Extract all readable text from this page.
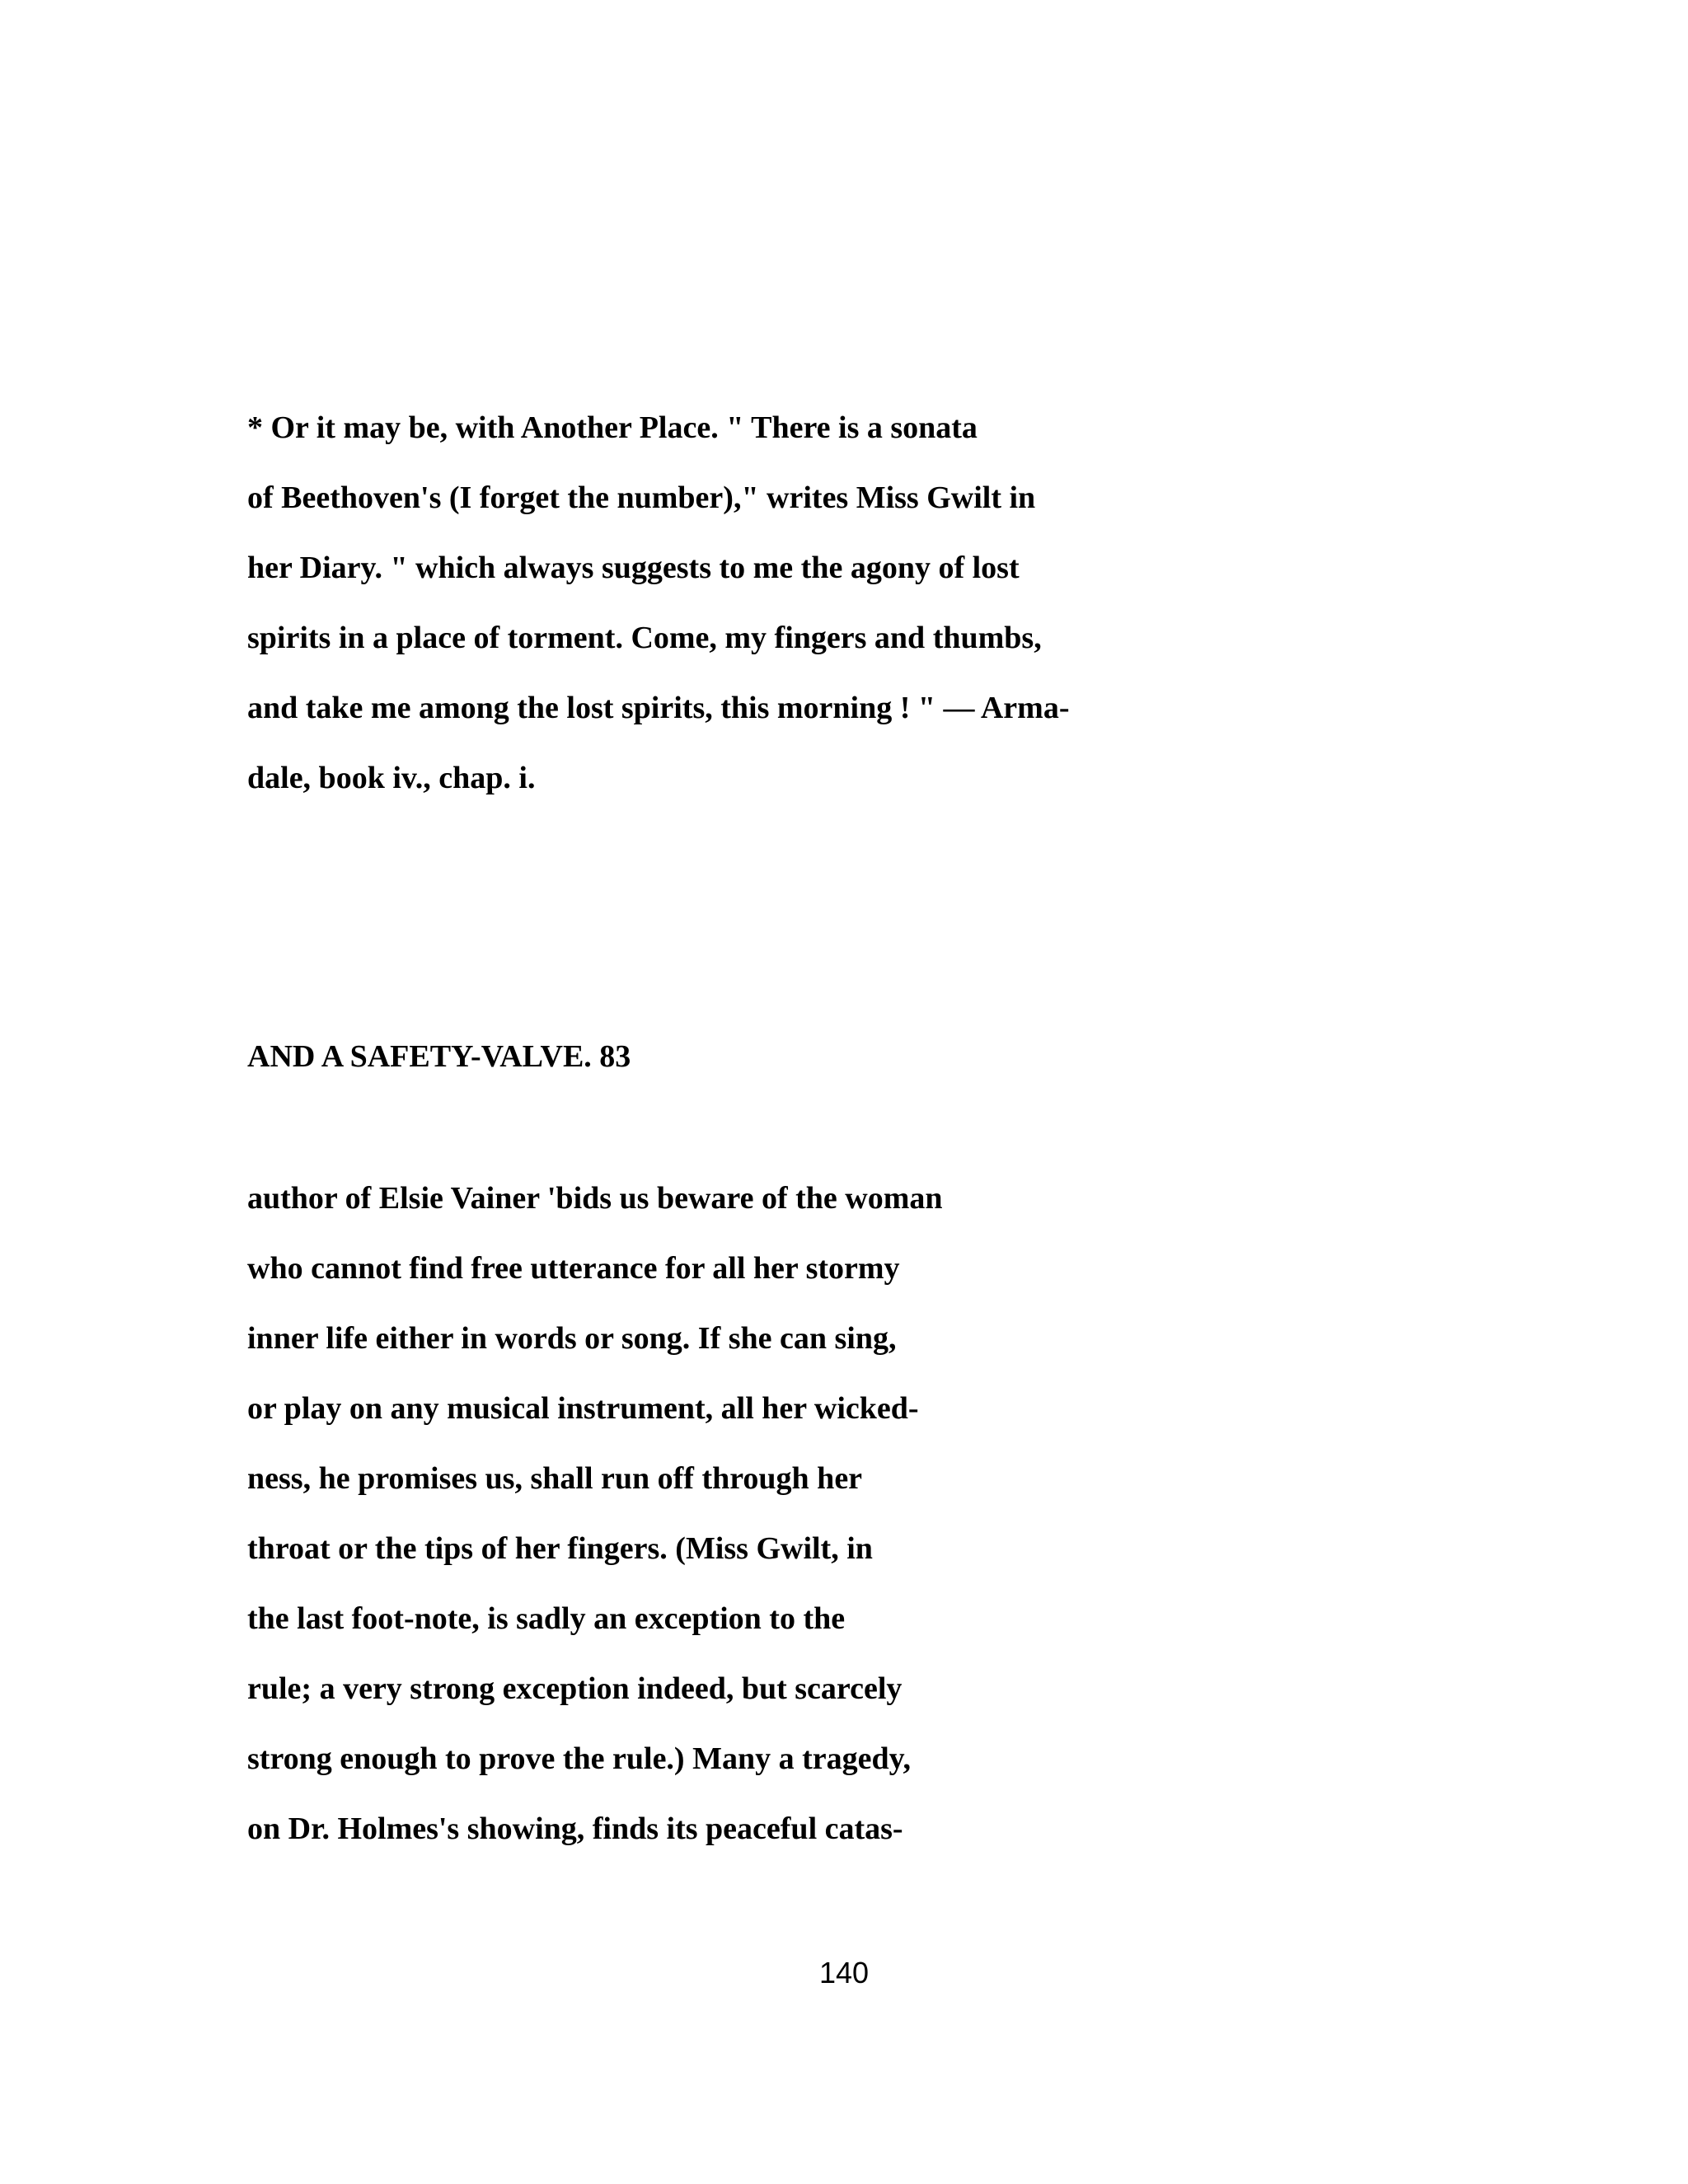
* Or it may be, with Another Place. " There is a sonata

of Beethoven's (I forget the number)," writes Miss Gwilt in

her Diary. " which always suggests to me the agony of lost

spirits in a place of torment. Come, my fingers and thumbs,

and take me among the lost spirits, this morning ! " — Arma-

dale, book iv., chap. i.

AND A SAFETY-VALVE. 83

author of Elsie Vainer 'bids us beware of the woman

who cannot find free utterance for all her stormy

inner life either in words or song. If she can sing,

or play on any musical instrument, all her wicked-

ness, he promises us, shall run off through her

throat or the tips of her fingers. (Miss Gwilt, in

the last foot-note, is sadly an exception to the

rule; a very strong exception indeed, but scarcely

strong enough to prove the rule.) Many a tragedy,

on Dr. Holmes's showing, finds its peaceful catas-

140
